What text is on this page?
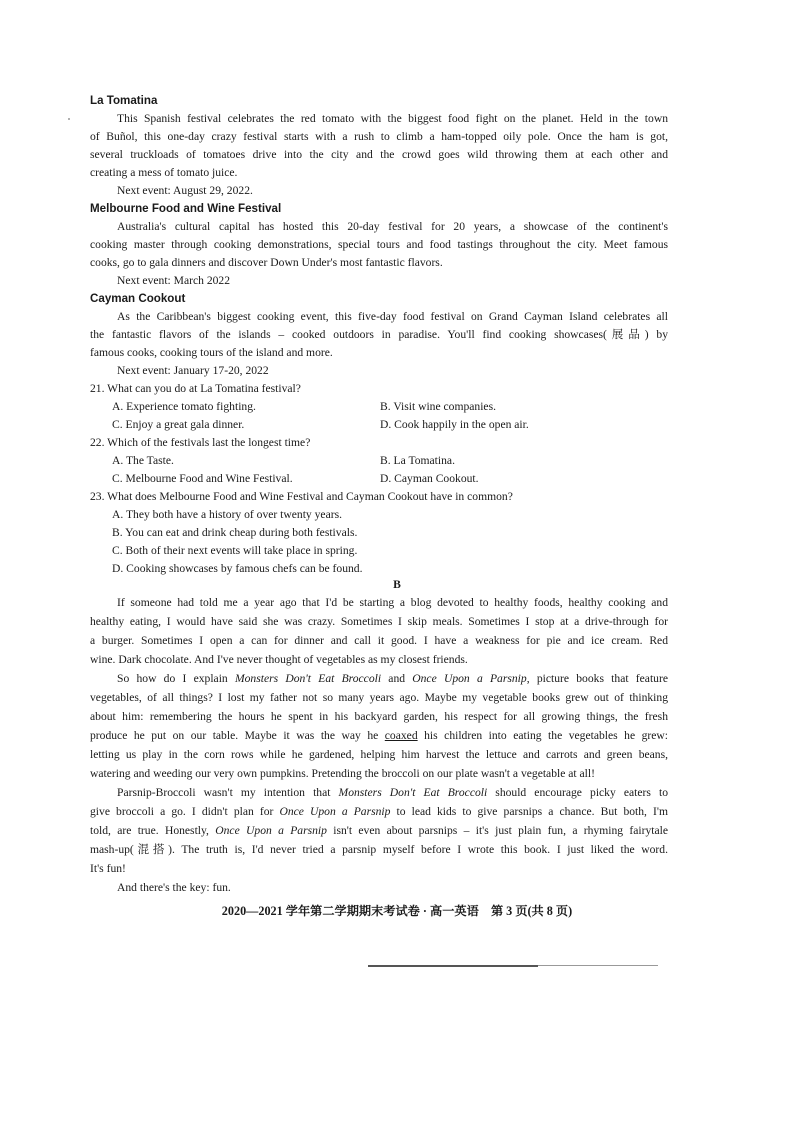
La Tomatina
This Spanish festival celebrates the red tomato with the biggest food fight on the planet. Held in the town
of Buñol, this one-day crazy festival starts with a rush to climb a ham-topped oily pole. Once the ham is got,
several truckloads of tomatoes drive into the city and the crowd goes wild throwing them at each other and
creating a mess of tomato juice.
Next event: August 29, 2022.
Melbourne Food and Wine Festival
Australia's cultural capital has hosted this 20-day festival for 20 years, a showcase of the continent's
cooking master through cooking demonstrations, special tours and food tastings throughout the city. Meet famous
cooks, go to gala dinners and discover Down Under's most fantastic flavors.
Next event: March 2022
Cayman Cookout
As the Caribbean's biggest cooking event, this five-day food festival on Grand Cayman Island celebrates all
the fantastic flavors of the islands – cooked outdoors in paradise. You'll find cooking showcases(展品) by
famous cooks, cooking tours of the island and more.
Next event: January 17-20, 2022
21. What can you do at La Tomatina festival?
A. Experience tomato fighting.	B. Visit wine companies.
C. Enjoy a great gala dinner.	D. Cook happily in the open air.
22. Which of the festivals last the longest time?
A. The Taste.	B. La Tomatina.
C. Melbourne Food and Wine Festival.	D. Cayman Cookout.
23. What does Melbourne Food and Wine Festival and Cayman Cookout have in common?
A. They both have a history of over twenty years.
B. You can eat and drink cheap during both festivals.
C. Both of their next events will take place in spring.
D. Cooking showcases by famous chefs can be found.
B
If someone had told me a year ago that I'd be starting a blog devoted to healthy foods, healthy cooking and
healthy eating, I would have said she was crazy. Sometimes I skip meals. Sometimes I stop at a drive-through for
a burger. Sometimes I open a can for dinner and call it good. I have a weakness for pie and ice cream. Red
wine. Dark chocolate. And I've never thought of vegetables as my closest friends.
So how do I explain Monsters Don't Eat Broccoli and Once Upon a Parsnip, picture books that feature
vegetables, of all things? I lost my father not so many years ago. Maybe my vegetable books grew out of thinking
about him: remembering the hours he spent in his backyard garden, his respect for all growing things, the fresh
produce he put on our table. Maybe it was the way he coaxed his children into eating the vegetables he grew:
letting us play in the corn rows while he gardened, helping him harvest the lettuce and carrots and green beans,
watering and weeding our very own pumpkins. Pretending the broccoli on our plate wasn't a vegetable at all!
Parsnip-Broccoli wasn't my intention that Monsters Don't Eat Broccoli should encourage picky eaters to
give broccoli a go. I didn't plan for Once Upon a Parsnip to lead kids to give parsnips a chance. But both, I'm
told, are true. Honestly, Once Upon a Parsnip isn't even about parsnips – it's just plain fun, a rhyming fairytale
mash-up(混搭). The truth is, I'd never tried a parsnip myself before I wrote this book. I just liked the word.
It's fun!
And there's the key: fun.
2020—2021 学年第二学期期末考试卷 · 高一英语　第 3 页(共 8 页)
